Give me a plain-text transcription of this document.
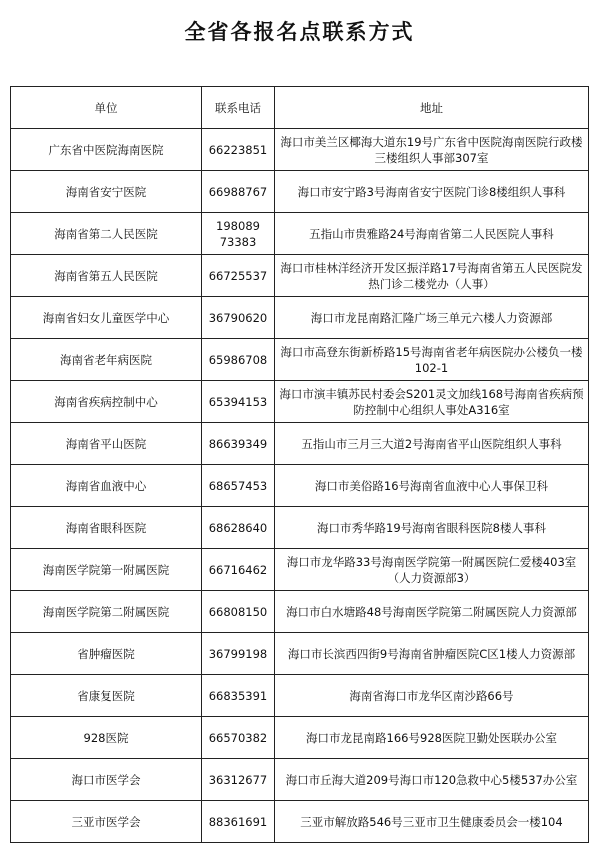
全省各报名点联系方式
单位	联系电话	地址
广东省中医院海南医院	66223851	海口市美兰区椰海大道东19号广东省中医院海南医院行政楼三楼组织人事部307室
海南省安宁医院	66988767	海口市安宁路3号海南省安宁医院门诊8楼组织人事科
海南省第二人民医院	19808973383	五指山市贵雅路24号海南省第二人民医院人事科
海南省第五人民医院	66725537	海口市桂林洋经济开发区振洋路17号海南省第五人民医院发热门诊二楼党办（人事）
海南省妇女儿童医学中心	36790620	海口市龙昆南路汇隆广场三单元六楼人力资源部
海南省老年病医院	65986708	海口市高登东街新桥路15号海南省老年病医院办公楼负一楼102-1
海南省疾病控制中心	65394153	海口市演丰镇苏民村委会S201灵文加线168号海南省疾病预防控制中心组织人事处A316室
海南省平山医院	86639349	五指山市三月三大道2号海南省平山医院组织人事科
海南省血液中心	68657453	海口市美俗路16号海南省血液中心人事保卫科
海南省眼科医院	68628640	海口市秀华路19号海南省眼科医院8楼人事科
海南医学院第一附属医院	66716462	海口市龙华路33号海南医学院第一附属医院仁爱楼403室（人力资源部3）
海南医学院第二附属医院	66808150	海口市白水塘路48号海南医学院第二附属医院人力资源部
省肿瘤医院	36799198	海口市长滨西四街9号海南省肿瘤医院C区1楼人力资源部
省康复医院	66835391	海南省海口市龙华区南沙路66号
928医院	66570382	海口市龙昆南路166号928医院卫勤处医联办公室
海口市医学会	36312677	海口市丘海大道209号海口市120急救中心5楼537办公室
三亚市医学会	88361691	三亚市解放路546号三亚市卫生健康委员会一楼104
